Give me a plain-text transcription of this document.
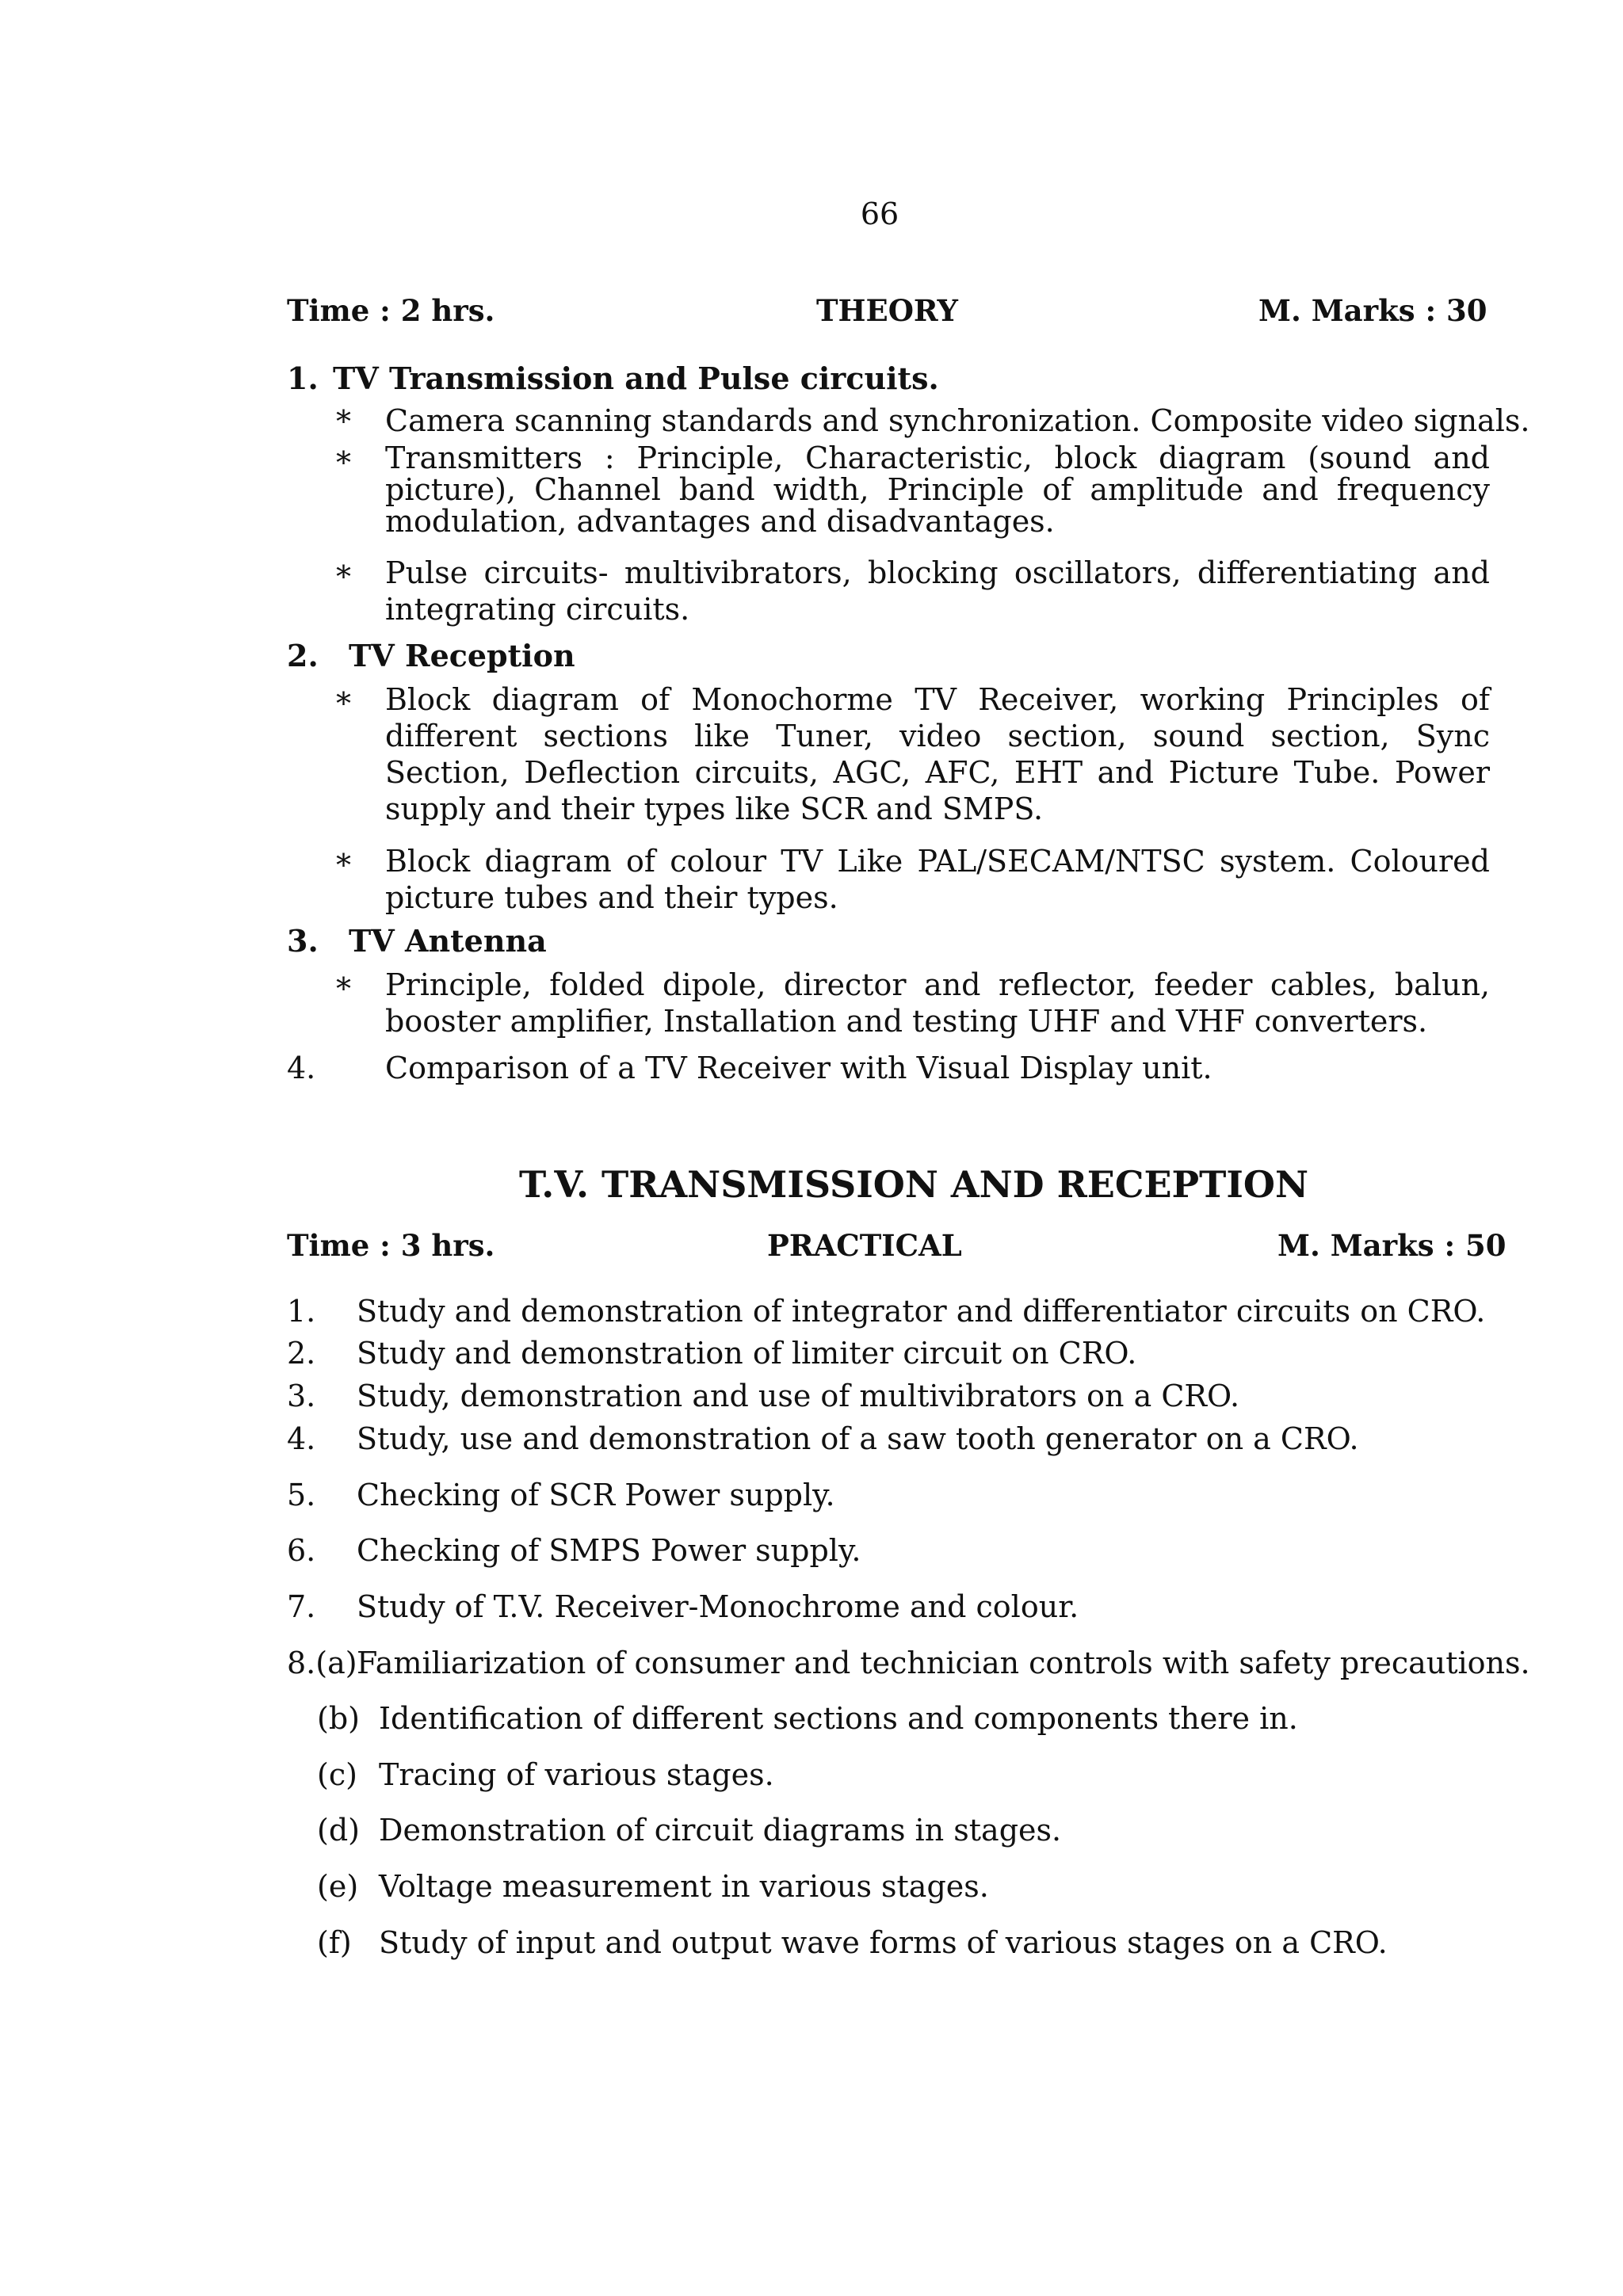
66
Time : 2 hrs.	THEORY	M. Marks : 30
1. TV Transmission and Pulse circuits.
* Camera scanning standards and synchronization. Composite video signals.
* Transmitters : Principle, Characteristic, block diagram (sound and picture), Channel band width, Principle of amplitude and frequency modulation, advantages and disadvantages.
* Pulse circuits- multivibrators, blocking oscillators, differentiating and integrating circuits.
2. TV Reception
* Block diagram of Monochorme TV Receiver, working Principles of different sections like Tuner, video section, sound section, Sync Section, Deflection circuits, AGC, AFC, EHT and Picture Tube. Power supply and their types like SCR and SMPS.
* Block diagram of colour TV Like PAL/SECAM/NTSC system. Coloured picture tubes and their types.
3. TV Antenna
* Principle, folded dipole, director and reflector, feeder cables, balun, booster amplifier, Installation and testing UHF and VHF converters.
4. Comparison of a TV Receiver with Visual Display unit.
T.V. TRANSMISSION AND RECEPTION
Time : 3 hrs.	PRACTICAL	M. Marks : 50
1. Study and demonstration of integrator and differentiator circuits on CRO.
2. Study and demonstration of limiter circuit on CRO.
3. Study, demonstration and use of multivibrators on a CRO.
4. Study, use and demonstration of a saw tooth generator on a CRO.
5. Checking of SCR Power supply.
6. Checking of SMPS Power supply.
7. Study of T.V. Receiver-Monochrome and colour.
8.(a) Familiarization of consumer and technician controls with safety precautions.
(b) Identification of different sections and components there in.
(c) Tracing of various stages.
(d) Demonstration of circuit diagrams in stages.
(e) Voltage measurement in various stages.
(f) Study of input and output wave forms of various stages on a CRO.
